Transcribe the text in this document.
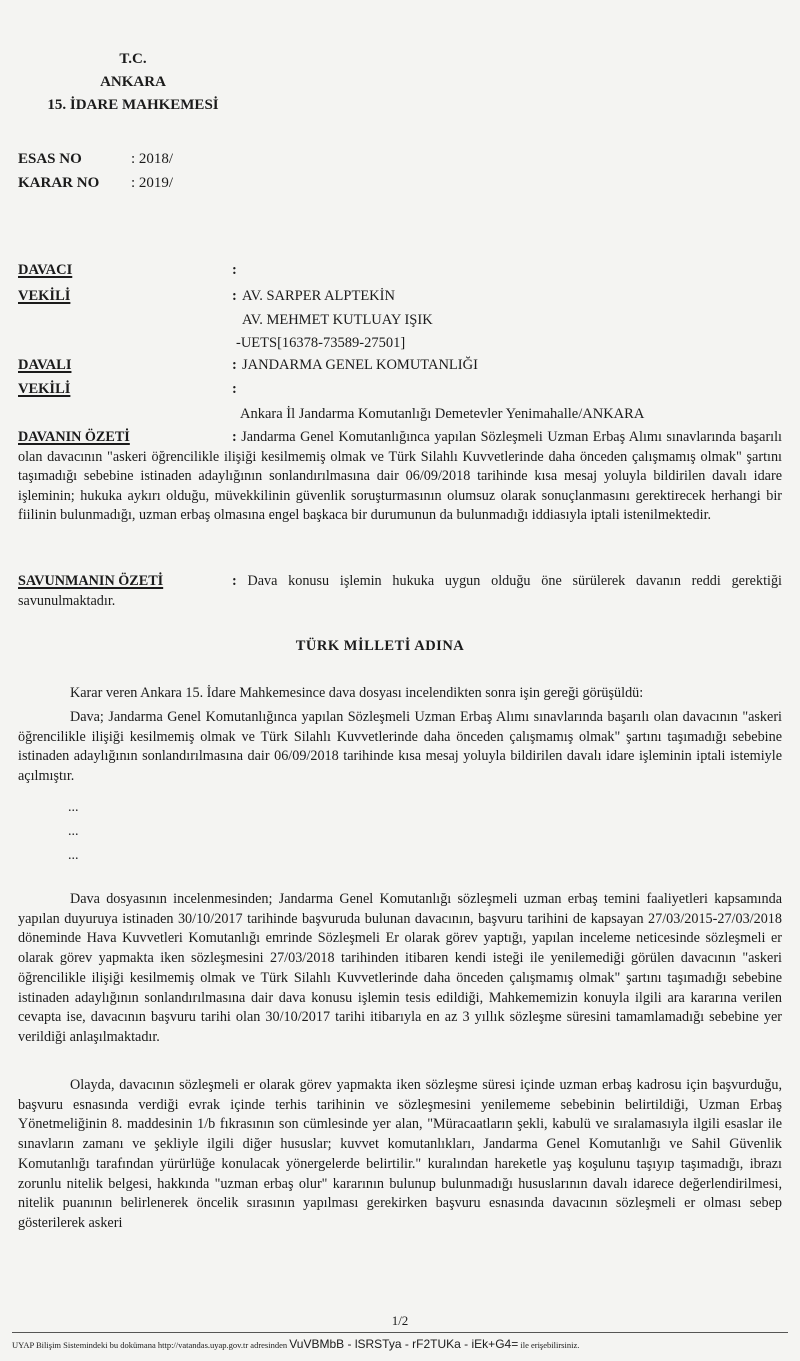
T.C.
ANKARA
15. İDARE MAHKEMESİ
ESAS NO	: 2018/
KARAR NO	: 2019/
DAVACI	:
VEKİLİ	: AV. SARPER ALPTEKİN
AV. MEHMET KUTLUAY IŞIK
-UETS[16378-73589-27501]
DAVALI	: JANDARMA GENEL KOMUTANLIĞI
VEKİLİ	:
Ankara İl Jandarma Komutanlığı Demetevler Yenimahalle/ANKARA
DAVANIN ÖZETİ	: Jandarma Genel Komutanlığınca yapılan Sözleşmeli Uzman Erbaş Alımı sınavlarında başarılı olan davacının "askeri öğrencilikle ilişiği kesilmemiş olmak ve Türk Silahlı Kuvvetlerinde daha önceden çalışmamış olmak" şartını taşımadığı sebebine istinaden adaylığının sonlandırılmasına dair 06/09/2018 tarihinde kısa mesaj yoluyla bildirilen davalı idare işleminin; hukuka aykırı olduğu, müvekkilinin güvenlik soruşturmasının olumsuz olarak sonuçlanmasını gerektirecek herhangi bir fiilinin bulunmadığı, uzman erbaş olmasına engel başkaca bir durumunun da bulunmadığı iddiasıyla iptali istenilmektedir.
SAVUNMANIN ÖZETİ	: Dava konusu işlemin hukuka uygun olduğu öne sürülerek davanın reddi gerektiği savunulmaktadır.
TÜRK MİLLETİ ADINA
Karar veren Ankara 15. İdare Mahkemesince dava dosyası incelendikten sonra işin gereği görüşüldü:
Dava; Jandarma Genel Komutanlığınca yapılan Sözleşmeli Uzman Erbaş Alımı sınavlarında başarılı olan davacının "askeri öğrencilikle ilişiği kesilmemiş olmak ve Türk Silahlı Kuvvetlerinde daha önceden çalışmamış olmak" şartını taşımadığı sebebine istinaden adaylığının sonlandırılmasına dair 06/09/2018 tarihinde kısa mesaj yoluyla bildirilen davalı idare işleminin iptali istemiyle açılmıştır.
...
...
...
Dava dosyasının incelenmesinden; Jandarma Genel Komutanlığı sözleşmeli uzman erbaş temini faaliyetleri kapsamında yapılan duyuruya istinaden 30/10/2017 tarihinde başvuruda bulunan davacının, başvuru tarihini de kapsayan 27/03/2015-27/03/2018 döneminde Hava Kuvvetleri Komutanlığı emrinde Sözleşmeli Er olarak görev yaptığı, yapılan inceleme neticesinde sözleşmeli er olarak görev yapmakta iken sözleşmesini 27/03/2018 tarihinden itibaren kendi isteği ile yenilemediği görülen davacının "askeri öğrencilikle ilişiği kesilmemiş olmak ve Türk Silahlı Kuvvetlerinde daha önceden çalışmamış olmak" şartını taşımadığı sebebine istinaden adaylığının sonlandırılmasına dair dava konusu işlemin tesis edildiği, Mahkememizin konuyla ilgili ara kararına verilen cevapta ise, davacının başvuru tarihi olan 30/10/2017 tarihi itibarıyla en az 3 yıllık sözleşme süresini tamamlamadığı sebebine yer verildiği anlaşılmaktadır.
Olayda, davacının sözleşmeli er olarak görev yapmakta iken sözleşme süresi içinde uzman erbaş kadrosu için başvurduğu, başvuru esnasında verdiği evrak içinde terhis tarihinin ve sözleşmesini yenilememe sebebinin belirtildiği, Uzman Erbaş Yönetmeliğinin 8. maddesinin 1/b fıkrasının son cümlesinde yer alan, "Müracaatların şekli, kabulü ve sıralamasıyla ilgili esaslar ile sınavların zamanı ve şekliyle ilgili diğer hususlar; kuvvet komutanlıkları, Jandarma Genel Komutanlığı ve Sahil Güvenlik Komutanlığı tarafından yürürlüğe konulacak yönergelerde belirtilir." kuralından hareketle yaş koşulunu taşıyıp taşımadığı, ibrazı zorunlu nitelik belgesi, hakkında "uzman erbaş olur" kararının bulunup bulunmadığı hususlarının davalı idarece değerlendirilmesi, nitelik puanının belirlenerek öncelik sırasının yapılması gerekirken başvuru esnasında davacının sözleşmeli er olması sebep gösterilerek askeri
1/2
UYAP Bilişim Sistemindeki bu dokümana http://vatandas.uyap.gov.tr adresinden VuVBMbB - lSRSTya - rF2TUKa - iEk+G4= ile erişebilirsiniz.
